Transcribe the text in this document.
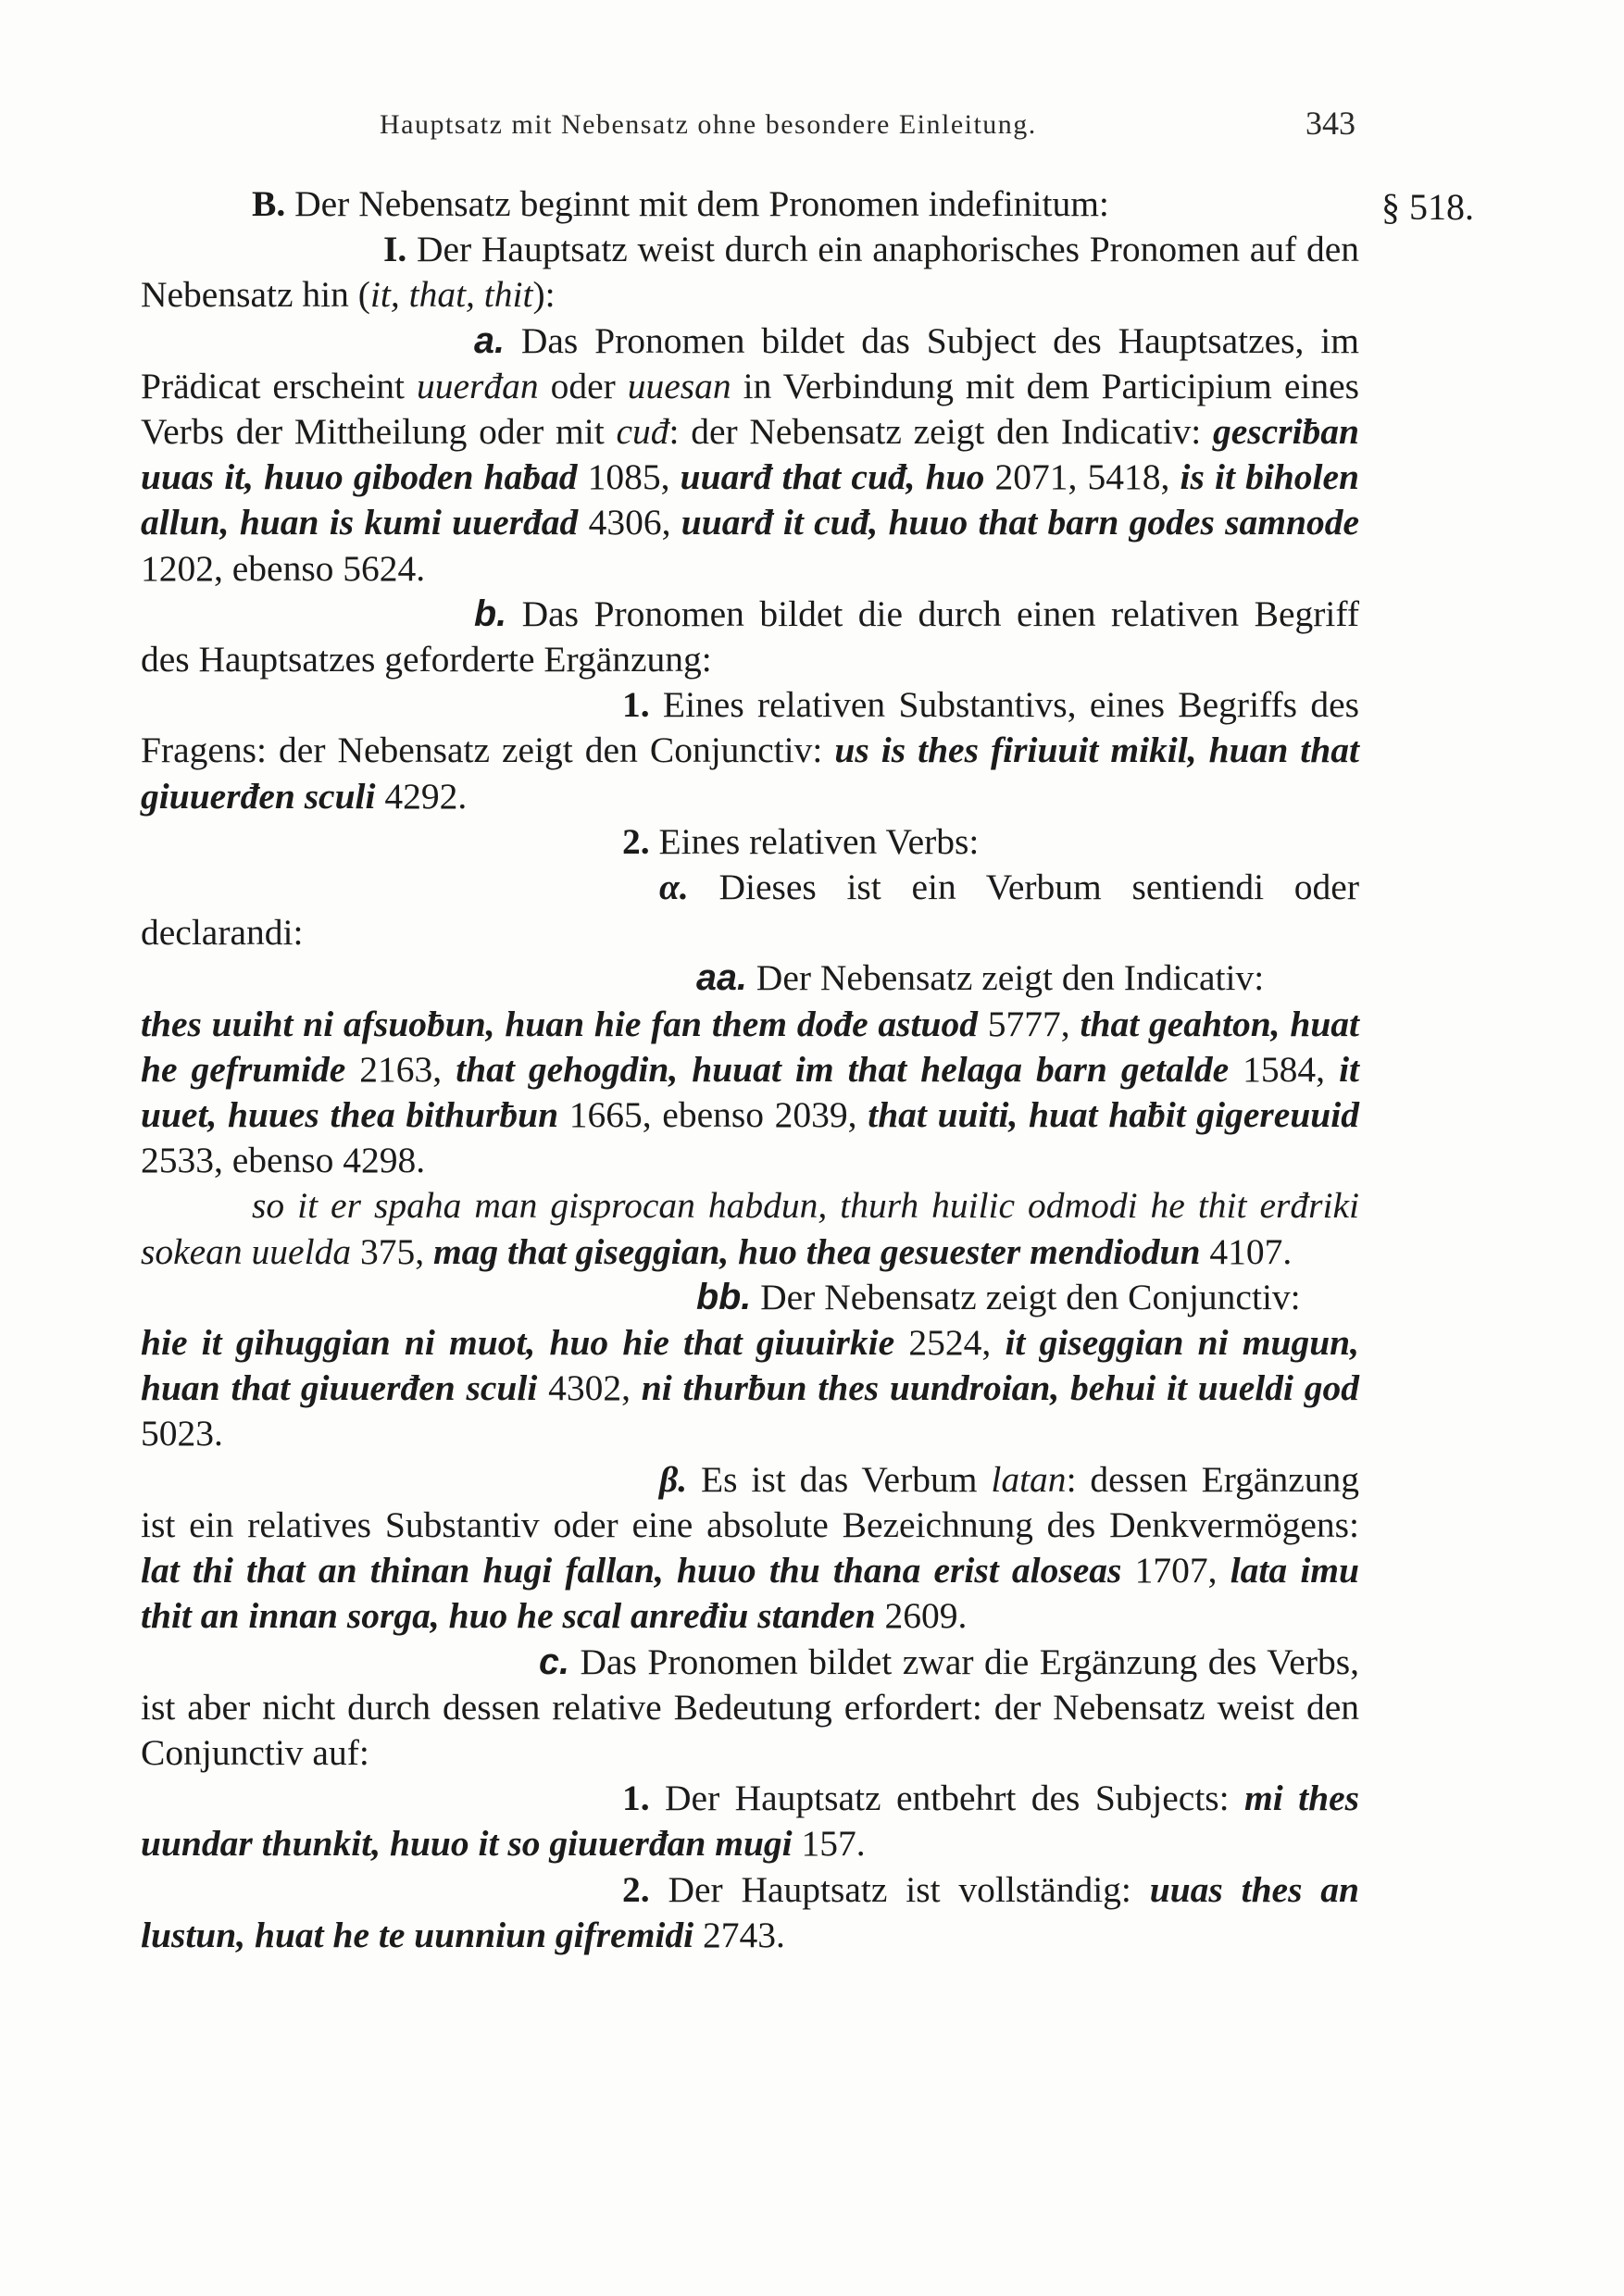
Hauptsatz mit Nebensatz ohne besondere Einleitung.	343
§ 518.

B. Der Nebensatz beginnt mit dem Pronomen indefinitum:

I. Der Hauptsatz weist durch ein anaphorisches Pronomen auf den Nebensatz hin (it, that, thit):

a. Das Pronomen bildet das Subject des Hauptsatzes, im Prädicat erscheint uuerđan oder uuesan in Verbindung mit dem Participium eines Verbs der Mittheilung oder mit cuđ: der Nebensatz zeigt den Indicativ: gescriƀan uuas it, huuo giboden haƀad 1085, uuarđ that cuđ, huo 2071, 5418, is it biholen allun, huan is kumi uuerđad 4306, uuarđ it cuđ, huuo that barn godes samnode 1202, ebenso 5624.

b. Das Pronomen bildet die durch einen relativen Begriff des Hauptsatzes geforderte Ergänzung:

1. Eines relativen Substantivs, eines Begriffs des Fragens: der Nebensatz zeigt den Conjunctiv: us is thes firiuuit mikil, huan that giuuerđen sculi 4292.

2. Eines relativen Verbs:

α. Dieses ist ein Verbum sentiendi oder declarandi:

aa. Der Nebensatz zeigt den Indicativ:

thes uuiht ni afsuoƀun, huan hie fan them dođe astuod 5777, that geahton, huat he gefrumide 2163, that gehogdin, huuat im that helaga barn getalde 1584, it uuet, huues thea bithurƀun 1665, ebenso 2039, that uuiti, huat haƀit gigereuuid 2533, ebenso 4298.

so it er spaha man gisprocan habdun, thurh huilic odmodi he thit erđriki sokean uuelda 375, mag that giseggian, huo thea gesuester mendiodun 4107.

bb. Der Nebensatz zeigt den Conjunctiv:

hie it gihuggian ni muot, huo hie that giuuirkie 2524, it giseggian ni mugun, huan that giuuerđen sculi 4302, ni thurƀun thes uundroian, behui it uueldi god 5023.

β. Es ist das Verbum latan: dessen Ergänzung ist ein relatives Substantiv oder eine absolute Bezeichnung des Denkvermögens: lat thi that an thinan hugi fallan, huuo thu thana erist aloseas 1707, lata imu thit an innan sorga, huo he scal anređiu standen 2609.

c. Das Pronomen bildet zwar die Ergänzung des Verbs, ist aber nicht durch dessen relative Bedeutung erfordert: der Nebensatz weist den Conjunctiv auf:

1. Der Hauptsatz entbehrt des Subjects: mi thes uundar thunkit, huuo it so giuuerđan mugi 157.

2. Der Hauptsatz ist vollständig: uuas thes an lustun, huat he te uunniun gifremidi 2743.
